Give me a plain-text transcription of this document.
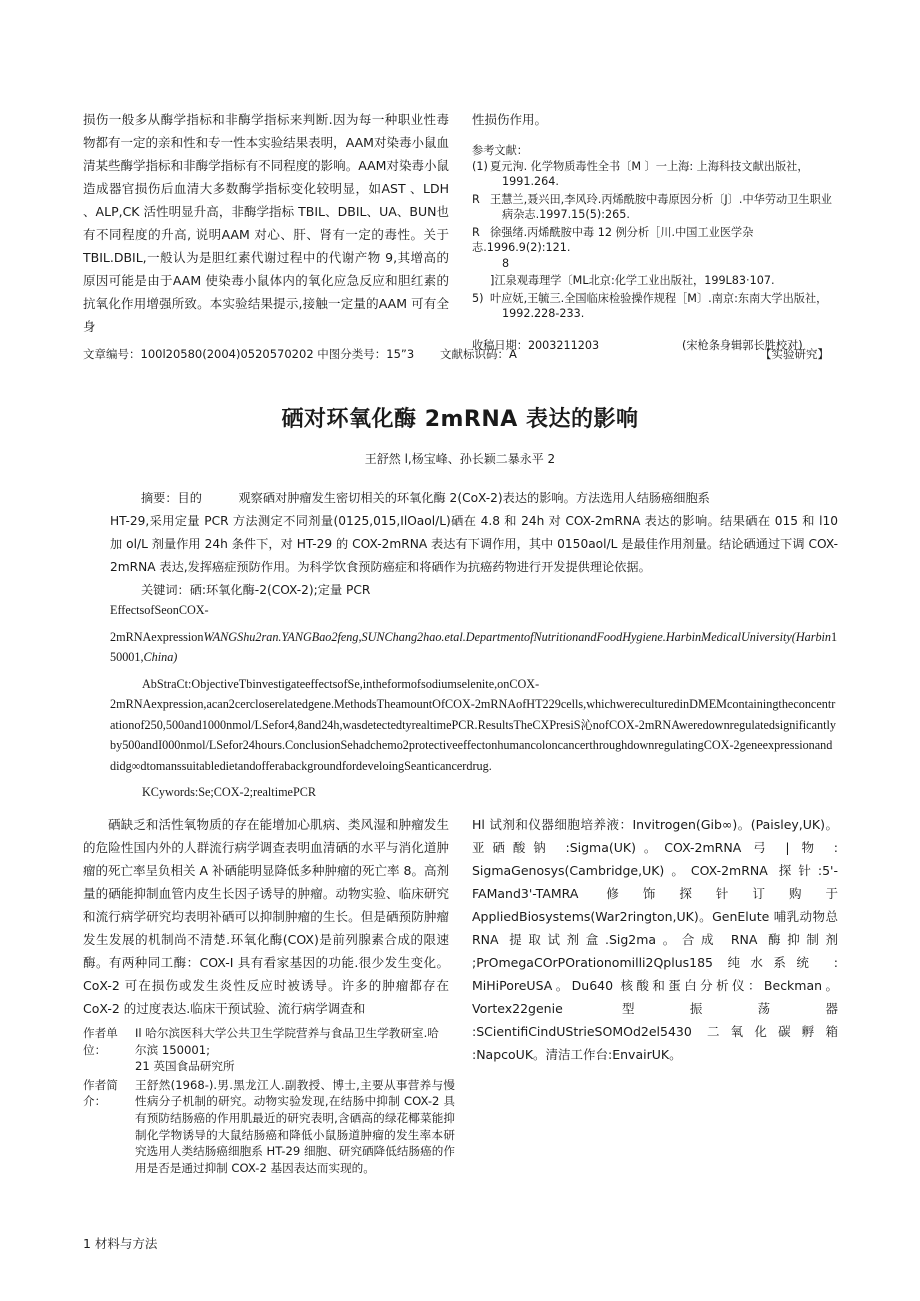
损伤一般多从酶学指标和非酶学指标来判断.因为每一种职业性毒物都有一定的亲和性和专一性本实验结果表明，AAM对染毒小鼠血清某些酶学指标和非酶学指标有不同程度的影响。AAM对染毒小鼠造成器官损伤后血清大多数酶学指标变化较明显，如AST 、LDH 、ALP,CK 活性明显升高，非酶学指标 TBIL、DBIL、UA、BUN也有不同程度的升高, 说明AAM 对心、肝、肾有一定的毒性。关于TBIL.DBIL,一般认为是胆红素代谢过程中的代谢产物 9,其增高的原因可能是由于AAM 使染毒小鼠体内的氧化应急反应和胆红素的抗氧化作用增强所致。本实验结果提示,接触一定量的AAM 可有全身
性损伤作用。
参考文献：
(1) 夏元洵. 化学物质毒性全书〔M 〕一上海: 上海科技文献出版社，
1991.264.
R 王慧兰,聂兴田,李风玲.丙烯酰胺中毒原因分析〔J〕.中华劳动卫生职业
病杂志.1997.15(5):265.
R 徐强绪.丙烯酰胺中毒 12 例分析［川.中国工业医学杂志.1996.9(2):121.
8
]江泉观毒理学〔ML北京:化学工业出版社，199L83·107.
5) 叶应妩,王毓三.全国临床检验操作规程［M〕.南京:东南大学出版社，
1992.228-233.
收稿日期：2003211203	(宋枪条身辑郭长胜校对)
文章编号：100l20580(2004)0520570202 中图分类号：15”3 文献标识码：A	【实验研究】
硒对环氧化酶 2mRNA 表达的影响
王舒然 l,杨宝峰、孙长颖二暴永平 2

摘要：目的　　　观察硒对肿瘤发生密切相关的环氧化酶 2(CoX-2)表达的影响。方法选用人结肠癌细胞系

HT-29,采用定量 PCR 方法测定不同剂量(0125,015,IlOaol/L)硒在 4.8 和 24h 对 COX-2mRNA 表达的影响。结果硒在 015 和 l10 加 ol/L 剂量作用 24h 条件下，对 HT-29 的 COX-2mRNA 表达有下调作用，其中 0150aol/L 是最佳作用剂量。结论硒通过下调 COX-2mRNA 表达,发挥癌症预防作用。为科学饮食预防癌症和将硒作为抗癌药物进行开发提供理论依据。

关键词：硒:环氧化酶-2(COX-2);定量 PCR

EffectsofSeonCOX-

2mRNAexpressionWANGShu2ran.YANGBao2feng,SUNChang2hao.etal.DepartmentofNutritionandFoodHygiene.HarbinMedicalUniversity(Harbin150001,China)

AbStraCt:ObjectiveTbinvestigateeffectsofSe,intheformofsodiumselenite,onCOX-

2mRNAexpression,acan2cercloserelatedgene.MethodsTheamountOfCOX-2mRNAofHT229cells,whichwereculturedinDMEMcontainingtheconcentrationof250,500and1000nmol/LSefor4,8and24h,wasdetectedtyrealtimePCR.ResultsTheCXPresiS沁nofCOX-2mRNAweredownregulatedsignificantlyby500andI000nmol/LSefor24hours.ConclusionSehadchemo2protectiveeffectonhumancoloncancerthroughdownregulatingCOX-2geneexpressionanddidg∞dtomanssuitabledietandofferabackgroundfordeveloingSeanticancerdrug.

KCywords:Se;COX-2;realtimePCR

硒缺乏和活性氧物质的存在能增加心肌病、类风湿和肿瘤发生的危险性国内外的人群流行病学调查表明血清硒的水平与消化道肿瘤的死亡率呈负相关 A 补硒能明显降低多种肿瘤的死亡率 8。高剂量的硒能抑制血管内皮生长因子诱导的肿瘤。动物实验、临床研究和流行病学研究均表明补硒可以抑制肿瘤的生长。但是硒预防肿瘤发生发展的机制尚不清楚.环氧化酶(COX)是前列腺素合成的限速酶。有两种同工酶：COX-I 具有看家基因的功能.很少发生变化。CoX-2 可在损伤或发生炎性反应时被诱导。许多的肿瘤都存在 CoX-2 的过度表达.临床干预试验、流行病学调查和
Hl 试剂和仪器细胞培养液：Invitrogen(Gib∞)。(Paisley,UK)。亚硒酸钠 :Sigma(UK)。COX-2mRNA 弓 | 物 : SigmaGenosys(Cambridge,UK)。COX-2mRNA 探针:5'-FAMand3'-TAMRA 修饰探针订购于 AppliedBiosystems(War2rington,UK)。GenElute 哺乳动物总 RNA 提取试剂盒.Sig2ma。合成 RNA 酶抑制剂 ;PrOmegaCOrPOrationomilli2Qplus185 纯水系统 : MiHiPoreUSA。Du640 核酸和蛋白分析仪：Beckman。Vortex22genie 型振荡器 :SCientifiCindUStrieSOMOd2el5430 二氧化碳孵箱 :NapcoUK。清洁工作台:EnvairUK。
作者单位：
Il 哈尔滨医科大学公共卫生学院营养与食品卫生学教研室.哈
尔滨 150001;
21 英国食品研究所
作者简介：
王舒然(1968-).男.黑龙江人.副教授、博士,主要从事营养与慢性病分子机制的研究。动物实验发现,在结肠中抑制 COX-2 具有预防结肠癌的作用肌最近的研究表明,含硒高的绿花椰菜能抑制化学物诱导的大鼠结肠癌和降低小鼠肠道肿瘤的发生率本研究选用人类结肠癌细胞系 HT-29 细胞、研究硒降低结肠癌的作用是否是通过抑制 COX-2 基因表达而实现的。
1 材料与方法
